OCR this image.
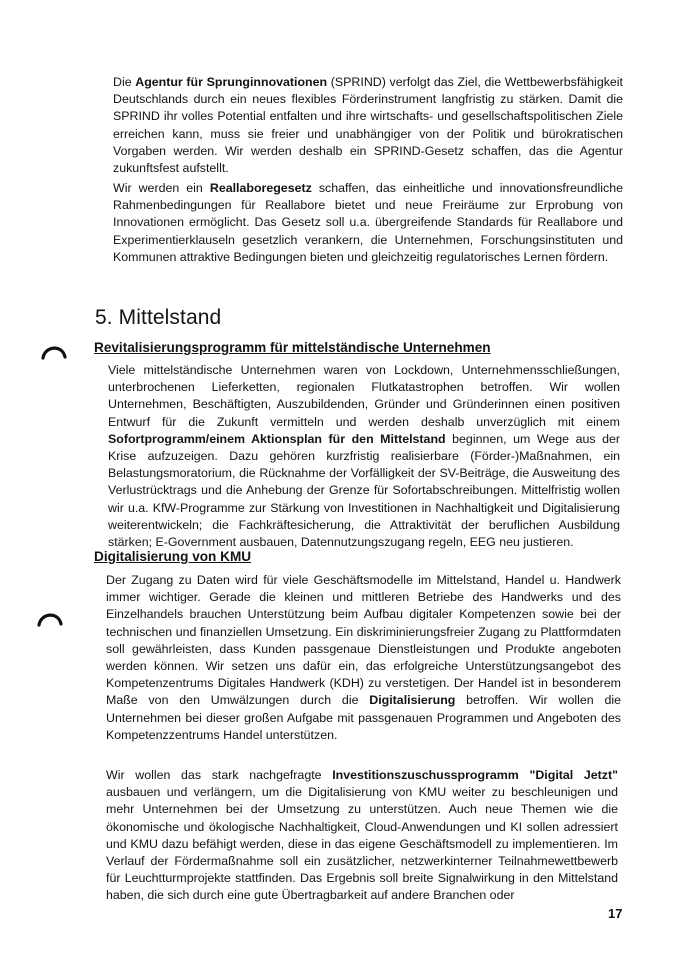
Die Agentur für Sprunginnovationen (SPRIND) verfolgt das Ziel, die Wettbewerbsfähigkeit Deutschlands durch ein neues flexibles Förderinstrument langfristig zu stärken. Damit die SPRIND ihr volles Potential entfalten und ihre wirtschafts- und gesellschaftspolitischen Ziele erreichen kann, muss sie freier und unabhängiger von der Politik und bürokratischen Vorgaben werden. Wir werden deshalb ein SPRIND-Gesetz schaffen, das die Agentur zukunftsfest aufstellt.

Wir werden ein Reallaboregesetz schaffen, das einheitliche und innovationsfreundliche Rahmenbedingungen für Reallabore bietet und neue Freiräume zur Erprobung von Innovationen ermöglicht. Das Gesetz soll u.a. übergreifende Standards für Reallabore und Experimentierklauseln gesetzlich verankern, die Unternehmen, Forschungsinstituten und Kommunen attraktive Bedingungen bieten und gleichzeitig regulatorisches Lernen fördern.

5. Mittelstand
Revitalisierungsprogramm für mittelständische Unternehmen

Viele mittelständische Unternehmen waren von Lockdown, Unternehmensschließungen, unterbrochenen Lieferketten, regionalen Flutkatastrophen betroffen. Wir wollen Unternehmen, Beschäftigten, Auszubildenden, Gründer und Gründerinnen einen positiven Entwurf für die Zukunft vermitteln und werden deshalb unverzüglich mit einem Sofortprogramm/einem Aktionsplan für den Mittelstand beginnen, um Wege aus der Krise aufzuzeigen. Dazu gehören kurzfristig realisierbare (Förder-)Maßnahmen, ein Belastungsmoratorium, die Rücknahme der Vorfälligkeit der SV-Beiträge, die Ausweitung des Verlustrücktrags und die Anhebung der Grenze für Sofortabschreibungen. Mittelfristig wollen wir u.a. KfW-Programme zur Stärkung von Investitionen in Nachhaltigkeit und Digitalisierung weiterentwickeln; die Fachkräftesicherung, die Attraktivität der beruflichen Ausbildung stärken; E-Government ausbauen, Datennutzungszugang regeln, EEG neu justieren.

Digitalisierung von KMU

Der Zugang zu Daten wird für viele Geschäftsmodelle im Mittelstand, Handel u. Handwerk immer wichtiger. Gerade die kleinen und mittleren Betriebe des Handwerks und des Einzelhandels brauchen Unterstützung beim Aufbau digitaler Kompetenzen sowie bei der technischen und finanziellen Umsetzung. Ein diskriminierungsfreier Zugang zu Plattformdaten soll gewährleisten, dass Kunden passgenaue Dienstleistungen und Produkte angeboten werden können. Wir setzen uns dafür ein, das erfolgreiche Unterstützungsangebot des Kompetenzentrums Digitales Handwerk (KDH) zu verstetigen. Der Handel ist in besonderem Maße von den Umwälzungen durch die Digitalisierung betroffen. Wir wollen die Unternehmen bei dieser großen Aufgabe mit passgenauen Programmen und Angeboten des Kompetenzzentrums Handel unterstützen.

Wir wollen das stark nachgefragte Investitionszuschussprogramm "Digital Jetzt" ausbauen und verlängern, um die Digitalisierung von KMU weiter zu beschleunigen und mehr Unternehmen bei der Umsetzung zu unterstützen. Auch neue Themen wie die ökonomische und ökologische Nachhaltigkeit, Cloud-Anwendungen und KI sollen adressiert und KMU dazu befähigt werden, diese in das eigene Geschäftsmodell zu implementieren. Im Verlauf der Fördermaßnahme soll ein zusätzlicher, netzwerkinterner Teilnahmewettbewerb für Leuchtturmprojekte stattfinden. Das Ergebnis soll breite Signalwirkung in den Mittelstand haben, die sich durch eine gute Übertragbarkeit auf andere Branchen oder

17
